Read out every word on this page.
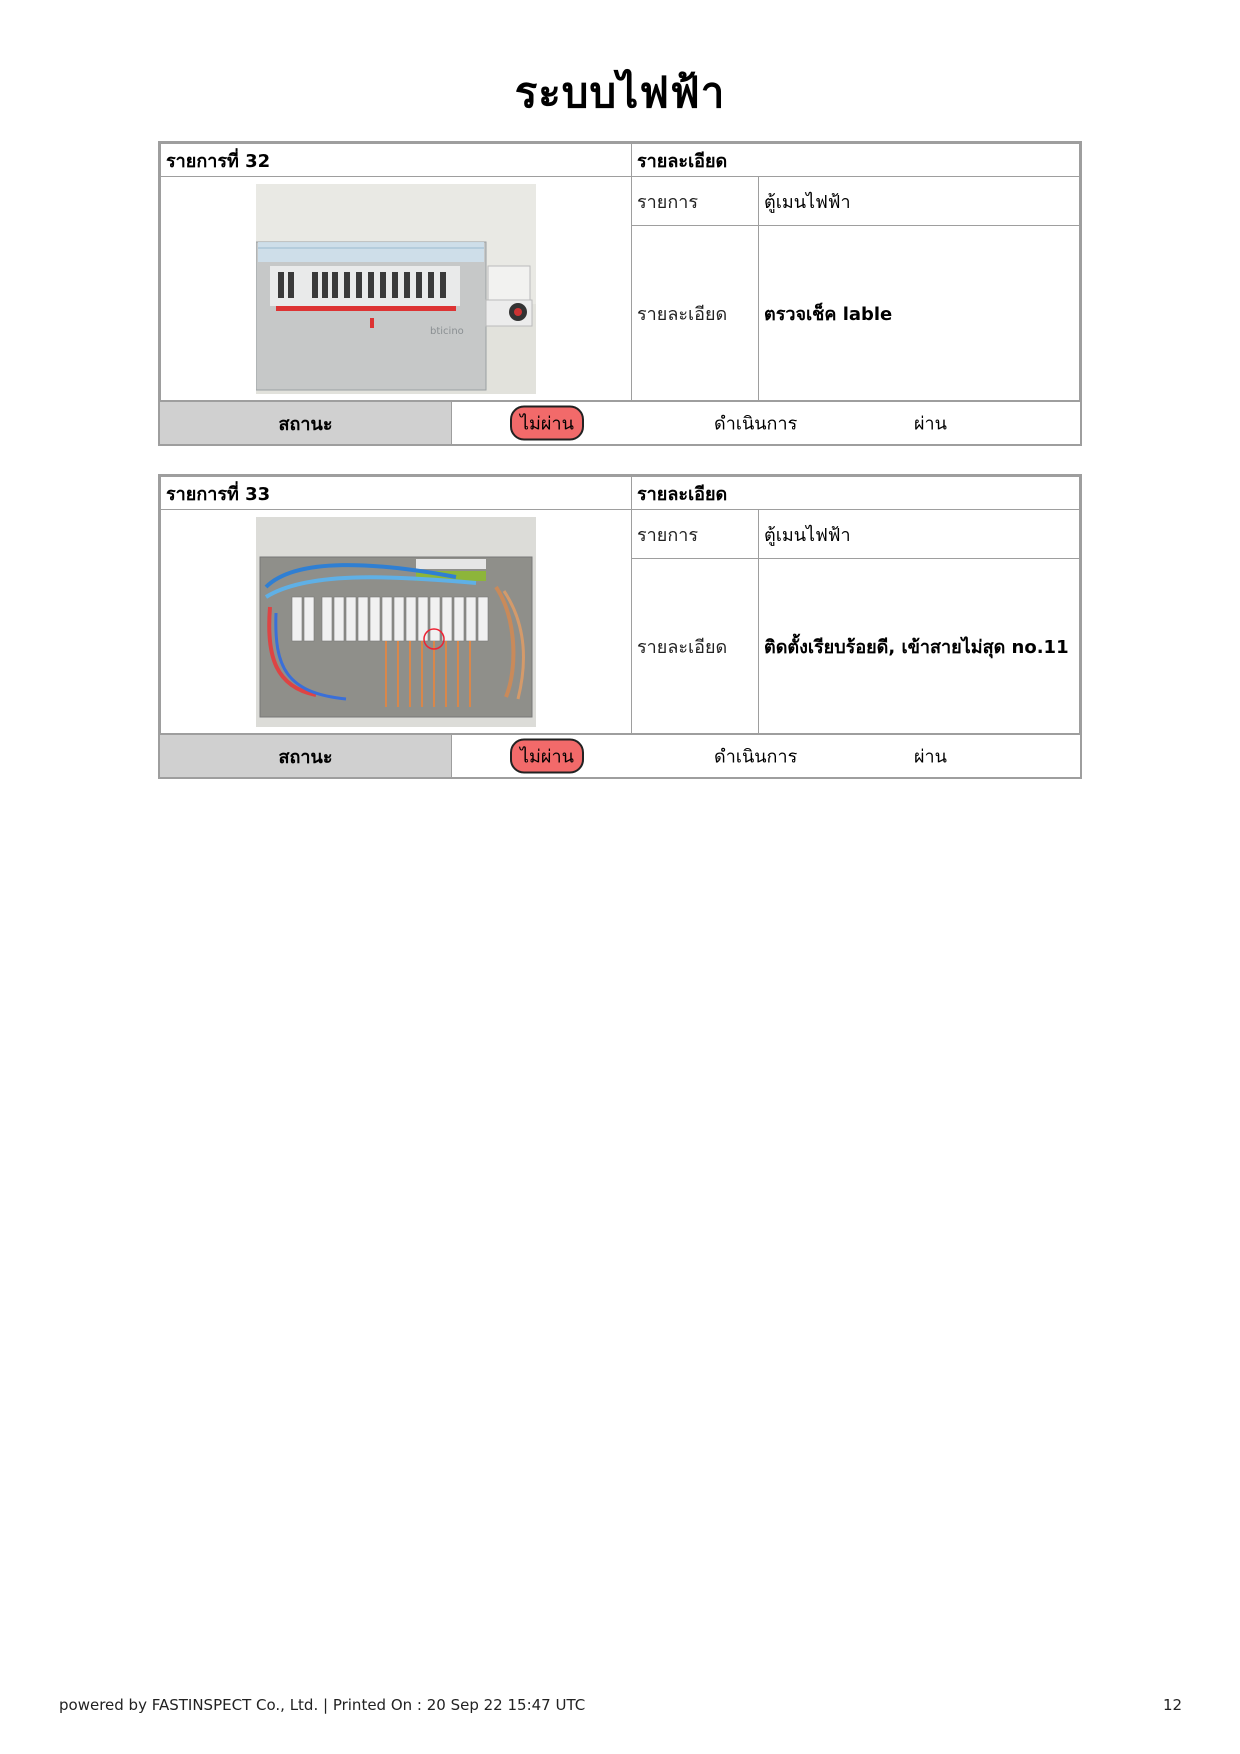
ระบบไฟฟ้า
รายการที่ 32	รายละเอียด	

bticino	รายการ	ตู้เมนไฟฟ้า
	รายละเอียด	ตรวจเช็ค lable
สถานะ	ไม่ผ่าน	ดำเนินการ	ผ่าน
รายการที่ 33	รายละเอียด	

	รายการ	ตู้เมนไฟฟ้า
	รายละเอียด	ติดตั้งเรียบร้อยดี, เข้าสายไม่สุด no.11
สถานะ	ไม่ผ่าน	ดำเนินการ	ผ่าน
powered by FASTINSPECT Co., Ltd. | Printed On : 20 Sep 22 15:47 UTC	12
